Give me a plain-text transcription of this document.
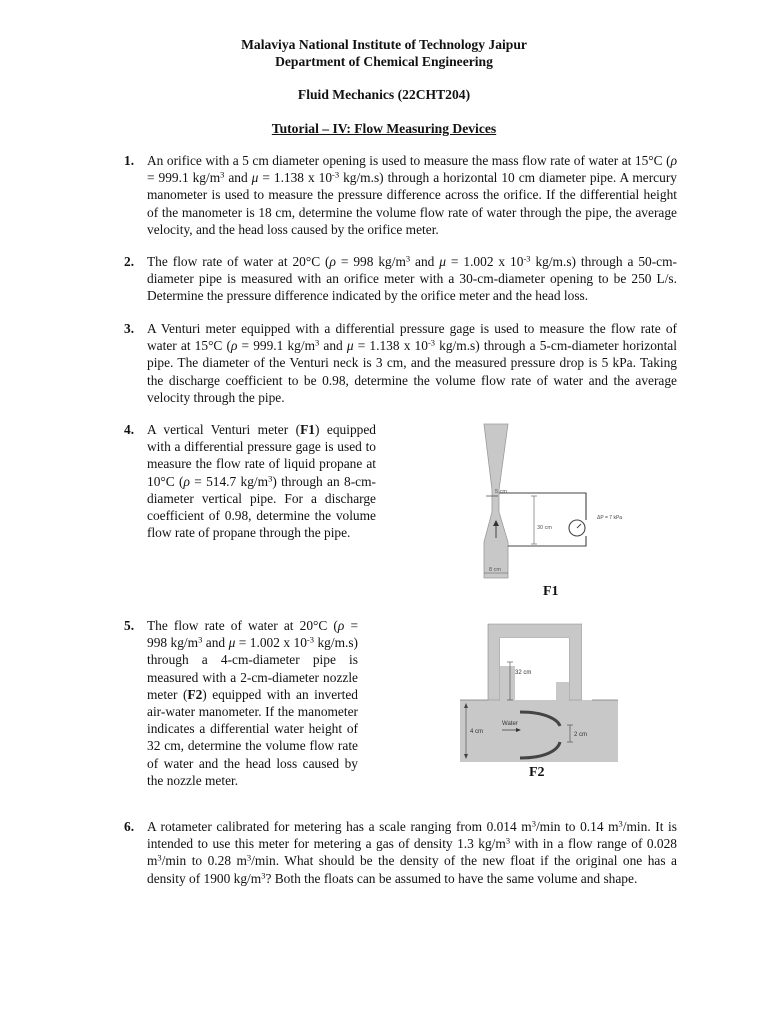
Malaviya National Institute of Technology Jaipur
Department of Chemical Engineering
Fluid Mechanics (22CHT204)
Tutorial – IV: Flow Measuring Devices
1. An orifice with a 5 cm diameter opening is used to measure the mass flow rate of water at 15°C (ρ = 999.1 $kg/m^3$ and μ = 1.138 x $10^{-3}$ kg/m.s) through a horizontal 10 cm diameter pipe. A mercury manometer is used to measure the pressure difference across the orifice. If the differential height of the manometer is 18 cm, determine the volume flow rate of water through the pipe, the average velocity, and the head loss caused by the orifice meter.
2. The flow rate of water at 20°C (ρ = 998 $kg/m^3$ and μ = 1.002 x $10^{-3}$ kg/m.s) through a 50-cm-diameter pipe is measured with an orifice meter with a 30-cm-diameter opening to be 250 L/s. Determine the pressure difference indicated by the orifice meter and the head loss.
3. A Venturi meter equipped with a differential pressure gage is used to measure the flow rate of water at 15°C (ρ = 999.1 $kg/m^3$ and μ = 1.138 x $10^{-3}$ kg/m.s) through a 5-cm-diameter horizontal pipe. The diameter of the Venturi neck is 3 cm, and the measured pressure drop is 5 kPa. Taking the discharge coefficient to be 0.98, determine the volume flow rate of water and the average velocity through the pipe.
4. A vertical Venturi meter (F1) equipped with a differential pressure gage is used to measure the flow rate of liquid propane at 10°C (ρ = 514.7 $kg/m^3$) through an 8-cm-diameter vertical pipe. For a discharge coefficient of 0.98, determine the volume flow rate of propane through the pipe.
5 cm
ΔP = 7 kPa
30 cm
8 cm
F1
5. The flow rate of water at 20°C (ρ = 998 $kg/m^3$ and μ = 1.002 x $10^{-3}$ kg/m.s) through a 4-cm-diameter pipe is measured with a 2-cm-diameter nozzle meter (F2) equipped with an inverted air-water manometer. If the manometer indicates a differential water height of 32 cm, determine the volume flow rate of water and the head loss caused by the nozzle meter.
32 cm
4 cm
Water
2 cm
F2
6. A rotameter calibrated for metering has a scale ranging from 0.014 $m^3/\min$ to 0.14 $m^3/\min$. It is intended to use this meter for metering a gas of density 1.3 $kg/m^3$ with in a flow range of 0.028 $m^3/\min$ to 0.28 $m^3/\min$. What should be the density of the new float if the original one has a density of 1900 $kg/m^3$? Both the floats can be assumed to have the same volume and shape.
